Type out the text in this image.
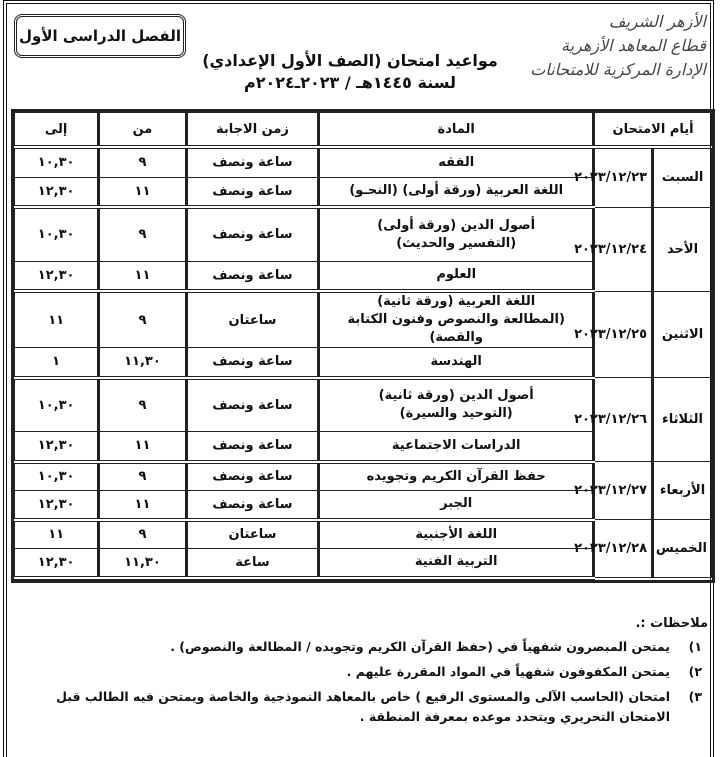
الأزهر الشريف
قطاع المعاهد الأزهرية
الإدارة المركزية للامتحانات
الفصل الدراسى الأول
مواعيد امتحان (الصف الأول الإعدادي)
لسنة ١٤٤٥هـ / ٢٠٢٣ـ٢٠٢٤م
أيام الامتحان		المادة	زمن الاجابة	من	إلى
السبت	٢٠٢٣/١٢/٢٣	الفقه	ساعة ونصف	٩	١٠,٣٠

		اللغة العربية (ورقة أولى) (النحـو)	ساعة ونصف	١١	١٢,٣٠
الأحد	٢٠٢٣/١٢/٢٤	أصول الدين (ورقة أولى)
(التفسير والحديث)	ساعة ونصف	٩	١٠,٣٠

		العلوم	ساعة ونصف	١١	١٢,٣٠
الاثنين	٢٠٢٣/١٢/٢٥	اللغة العربية (ورقة ثانية)
(المطالعة والنصوص وفنون الكتابة والقصة)	ساعتان	٩	١١

		الهندسة	ساعة ونصف	١١,٣٠	١
الثلاثاء	٢٠٢٣/١٢/٢٦	أصول الدين (ورقة ثانية)
(التوحيد والسيرة)	ساعة ونصف	٩	١٠,٣٠

		الدراسات الاجتماعية	ساعة ونصف	١١	١٢,٣٠
الأربعاء	٢٠٢٣/١٢/٢٧	حفظ القرآن الكريم وتجويده	ساعة ونصف	٩	١٠,٣٠

		الجبر	ساعة ونصف	١١	١٢,٣٠
الخميس	٢٠٢٣/١٢/٢٨	اللغة الأجنبية	ساعتان	٩	١١

		التربية الفنية	ساعة	١١,٣٠	١٢,٣٠
ملاحظات :.
١)
يمتحن المبصرون شفهياً في (حفظ القرآن الكريم وتجويده / المطالعة والنصوص) .
٢)
يمتحن المكفوفون شفهياً في المواد المقررة عليهم .
٣)
امتحان (الحاسب الآلى والمستوى الرفيع ) خاص بالمعاهد النموذجية والخاصة ويمتحن فيه الطالب قبل الامتحان التحريري ويتحدد موعده بمعرفة المنطقة .
